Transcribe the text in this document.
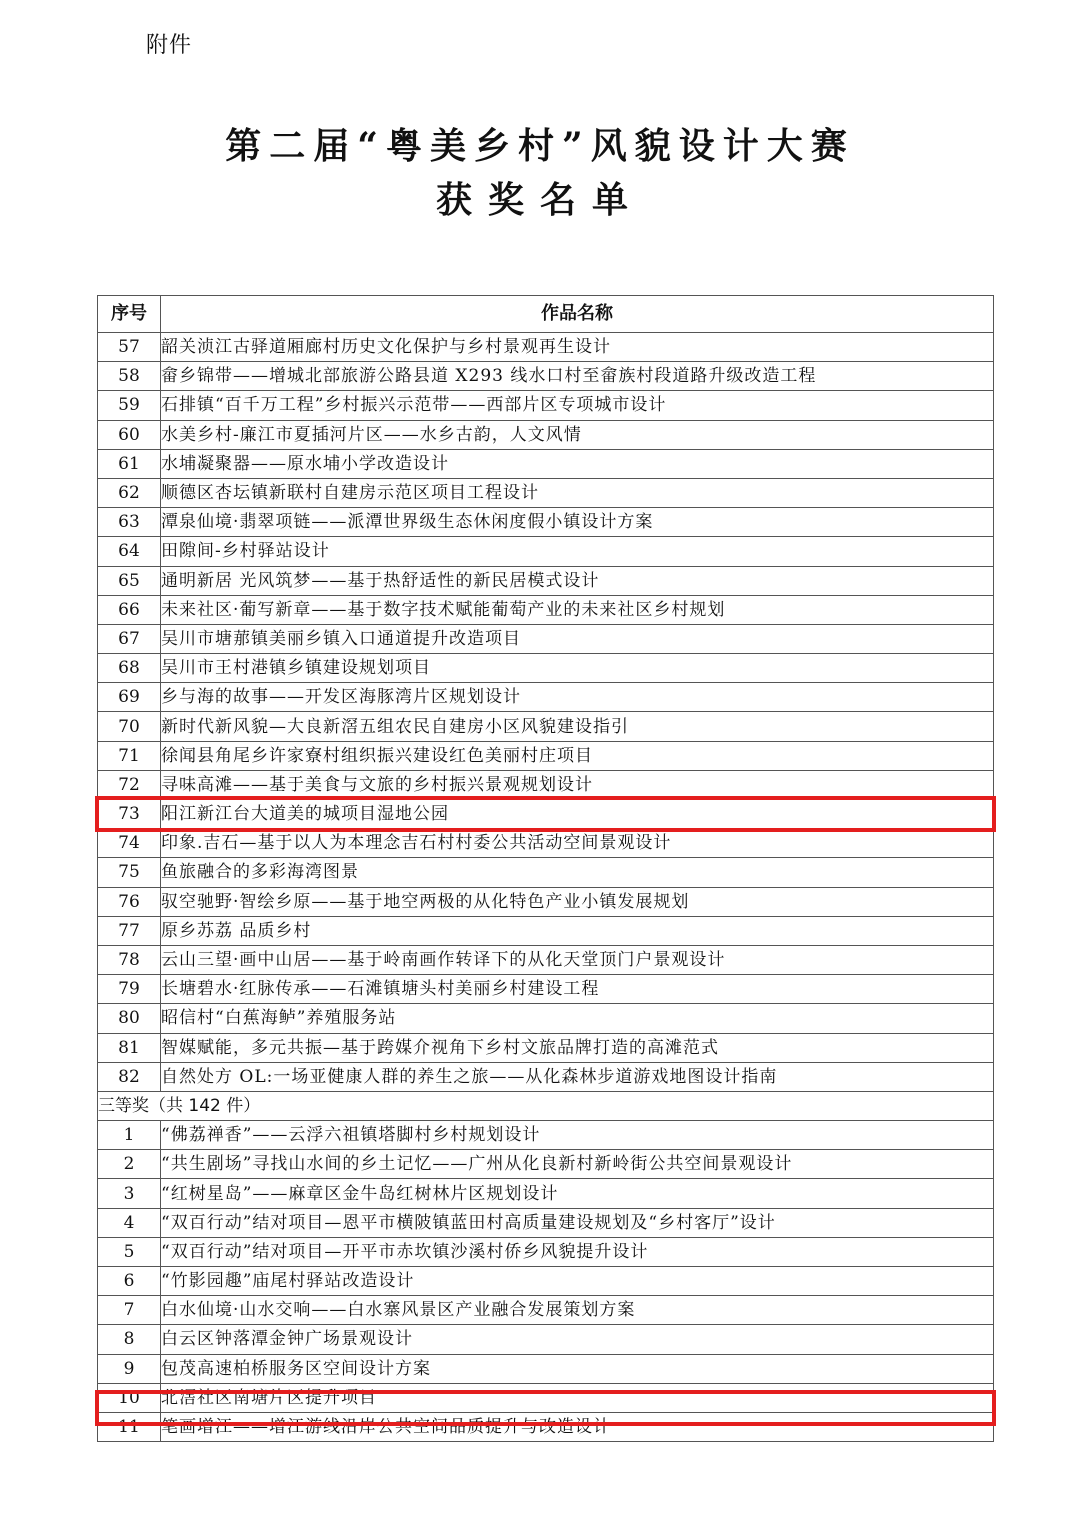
附件
第二届“粤美乡村”风貌设计大赛
获奖名单
序号	作品名称
57	韶关浈江古驿道厢廊村历史文化保护与乡村景观再生设计
58	畲乡锦带——增城北部旅游公路县道 X293 线水口村至畲族村段道路升级改造工程
59	石排镇“百千万工程”乡村振兴示范带——西部片区专项城市设计
60	水美乡村-廉江市夏插河片区——水乡古韵，人文风情
61	水埔凝聚器——原水埔小学改造设计
62	顺德区杏坛镇新联村自建房示范区项目工程设计
63	潭泉仙境·翡翠项链——派潭世界级生态休闲度假小镇设计方案
64	田隙间-乡村驿站设计
65	通明新居 光风筑梦——基于热舒适性的新民居模式设计
66	未来社区·葡写新章——基于数字技术赋能葡萄产业的未来社区乡村规划
67	吴川市塘𦰡镇美丽乡镇入口通道提升改造项目
68	吴川市王村港镇乡镇建设规划项目
69	乡与海的故事——开发区海豚湾片区规划设计
70	新时代新风貌—大良新滘五组农民自建房小区风貌建设指引
71	徐闻县角尾乡许家寮村组织振兴建设红色美丽村庄项目
72	寻味高滩——基于美食与文旅的乡村振兴景观规划设计
73	阳江新江台大道美的城项目湿地公园
74	印象.吉石—基于以人为本理念吉石村村委公共活动空间景观设计
75	鱼旅融合的多彩海湾图景
76	驭空驰野·智绘乡原——基于地空两极的从化特色产业小镇发展规划
77	原乡苏荔 品质乡村
78	云山三望·画中山居——基于岭南画作转译下的从化天堂顶门户景观设计
79	长塘碧水·红脉传承——石滩镇塘头村美丽乡村建设工程
80	昭信村“白蕉海鲈”养殖服务站
81	智媒赋能，多元共振—基于跨媒介视角下乡村文旅品牌打造的高滩范式
82	自然处方 OL:一场亚健康人群的养生之旅——从化森林步道游戏地图设计指南
三等奖（共 142 件）	
1	“佛荔禅香”——云浮六祖镇塔脚村乡村规划设计
2	“共生剧场”寻找山水间的乡土记忆——广州从化良新村新岭街公共空间景观设计
3	“红树星岛”——麻章区金牛岛红树林片区规划设计
4	“双百行动”结对项目—恩平市横陂镇蓝田村高质量建设规划及“乡村客厅”设计
5	“双百行动”结对项目—开平市赤坎镇沙溪村侨乡风貌提升设计
6	“竹影园趣”庙尾村驿站改造设计
7	白水仙境·山水交响——白水寨风景区产业融合发展策划方案
8	白云区钟落潭金钟广场景观设计
9	包茂高速柏桥服务区空间设计方案
10	北滘社区南塘片区提升项目
11	笔画增江——增江游线沿岸公共空间品质提升与改造设计
